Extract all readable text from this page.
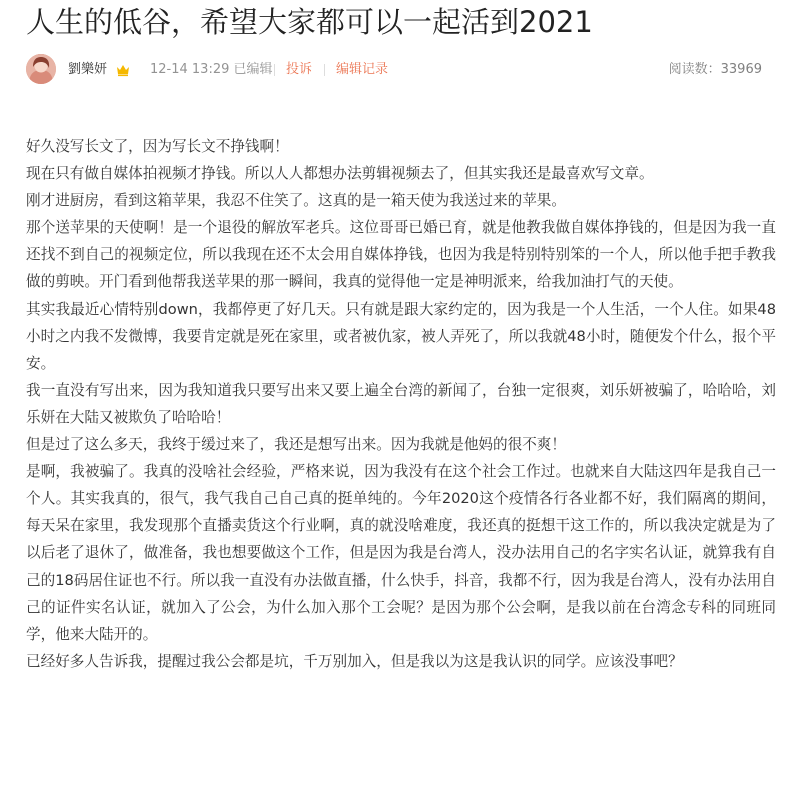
人生的低谷，希望大家都可以一起活到2021
劉樂妍	12-14 13:29 已编辑 投诉 编辑记录	阅读数：33969

好久没写长文了，因为写长文不挣钱啊！

现在只有做自媒体拍视频才挣钱。所以人人都想办法剪辑视频去了，但其实我还是最喜欢写文章。

刚才进厨房，看到这箱苹果，我忍不住笑了。这真的是一箱天使为我送过来的苹果。

那个送苹果的天使啊！是一个退役的解放军老兵。这位哥哥已婚已育，就是他教我做自媒体挣钱的，但是因为我一直还找不到自己的视频定位，所以我现在还不太会用自媒体挣钱，也因为我是特别特别笨的一个人，所以他手把手教我做的剪映。开门看到他帮我送苹果的那一瞬间，我真的觉得他一定是神明派来，给我加油打气的天使。

其实我最近心情特别down，我都停更了好几天。只有就是跟大家约定的，因为我是一个人生活，一个人住。如果48小时之内我不发微博，我要肯定就是死在家里，或者被仇家，被人弄死了，所以我就48小时，随便发个什么，报个平安。

我一直没有写出来，因为我知道我只要写出来又要上遍全台湾的新闻了，台独一定很爽，刘乐妍被骗了，哈哈哈，刘乐妍在大陆又被欺负了哈哈哈！

但是过了这么多天，我终于缓过来了，我还是想写出来。因为我就是他妈的很不爽！

是啊，我被骗了。我真的没啥社会经验，严格来说，因为我没有在这个社会工作过。也就来自大陆这四年是我自己一个人。其实我真的，很气，我气我自己自己真的挺单纯的。今年2020这个疫情各行各业都不好，我们隔离的期间，每天呆在家里，我发现那个直播卖货这个行业啊，真的就没啥难度，我还真的挺想干这工作的，所以我决定就是为了以后老了退休了，做准备，我也想要做这个工作，但是因为我是台湾人，没办法用自己的名字实名认证，就算我有自己的18码居住证也不行。所以我一直没有办法做直播，什么快手，抖音，我都不行，因为我是台湾人，没有办法用自己的证件实名认证，就加入了公会，为什么加入那个工会呢？是因为那个公会啊，是我以前在台湾念专科的同班同学，他来大陆开的。

已经好多人告诉我，提醒过我公会都是坑，千万别加入，但是我以为这是我认识的同学。应该没事吧？
